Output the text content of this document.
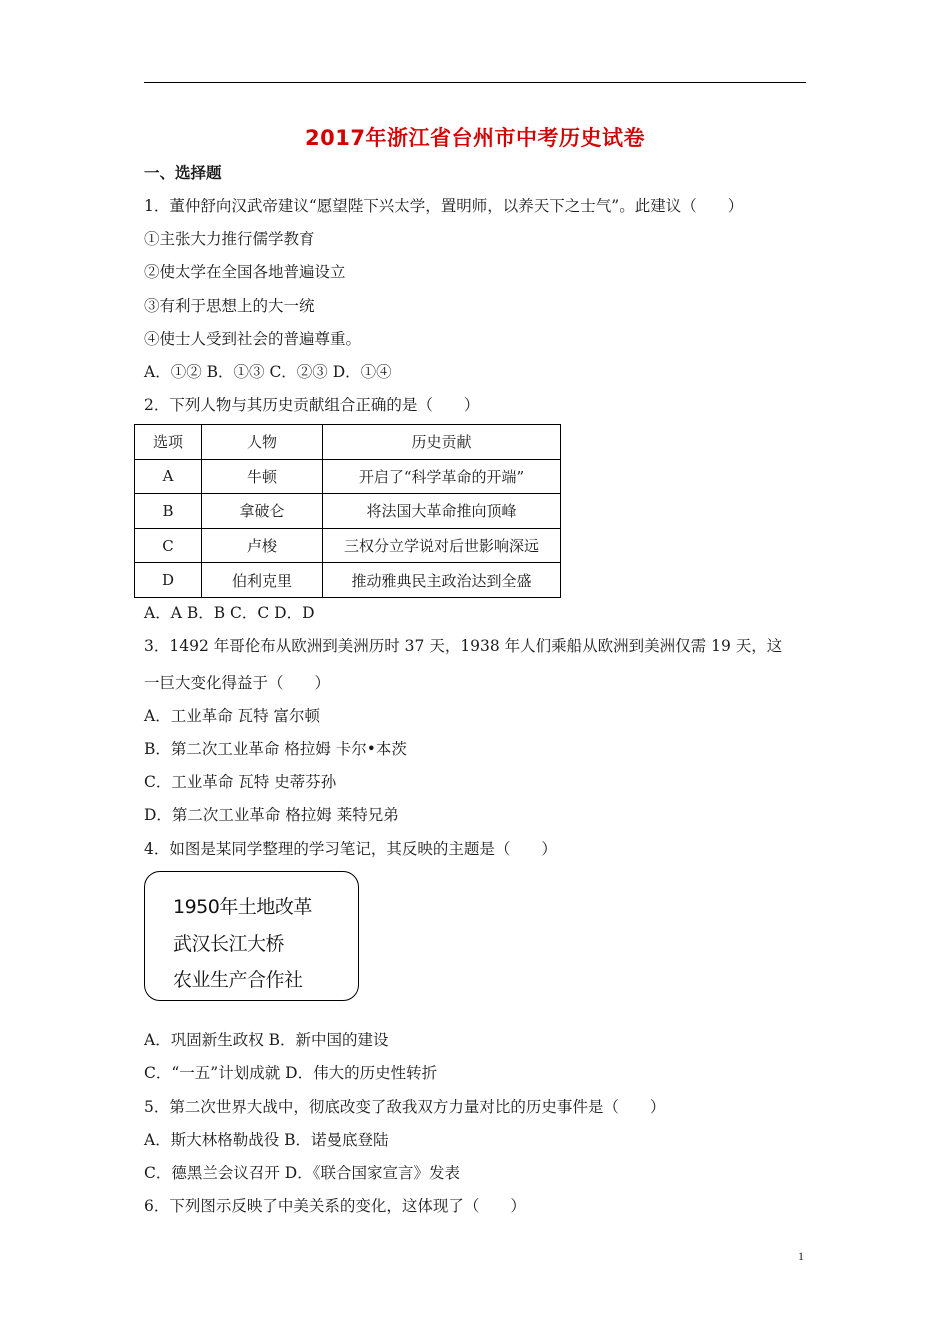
2017年浙江省台州市中考历史试卷
一、选择题
1．董仲舒向汉武帝建议“愿望陛下兴太学，置明师，以养天下之士气”。此建议（　　）
①主张大力推行儒学教育
②使太学在全国各地普遍设立
③有利于思想上的大一统
④使士人受到社会的普遍尊重。
A．①② B．①③ C．②③ D．①④
2．下列人物与其历史贡献组合正确的是（　　）
选项	人物	历史贡献
A	牛顿	开启了“科学革命的开端”
B	拿破仑	将法国大革命推向顶峰
C	卢梭	三权分立学说对后世影响深远
D	伯利克里	推动雅典民主政治达到全盛
A．A B．B C．C D．D
3．1492 年哥伦布从欧洲到美洲历时 37 天，1938 年人们乘船从欧洲到美洲仅需 19 天，这
一巨大变化得益于（　　）
A．工业革命 瓦特 富尔顿
B．第二次工业革命 格拉姆 卡尔•本茨
C．工业革命 瓦特 史蒂芬孙
D．第二次工业革命 格拉姆 莱特兄弟
4．如图是某同学整理的学习笔记，其反映的主题是（　　）
1950年土地改革
武汉长江大桥
农业生产合作社
A．巩固新生政权 B．新中国的建设
C．“一五”计划成就 D．伟大的历史性转折
5．第二次世界大战中，彻底改变了敌我双方力量对比的历史事件是（　　）
A．斯大林格勒战役 B．诺曼底登陆
C．德黑兰会议召开 D．《联合国家宣言》发表
6．下列图示反映了中美关系的变化，这体现了（　　）
1
